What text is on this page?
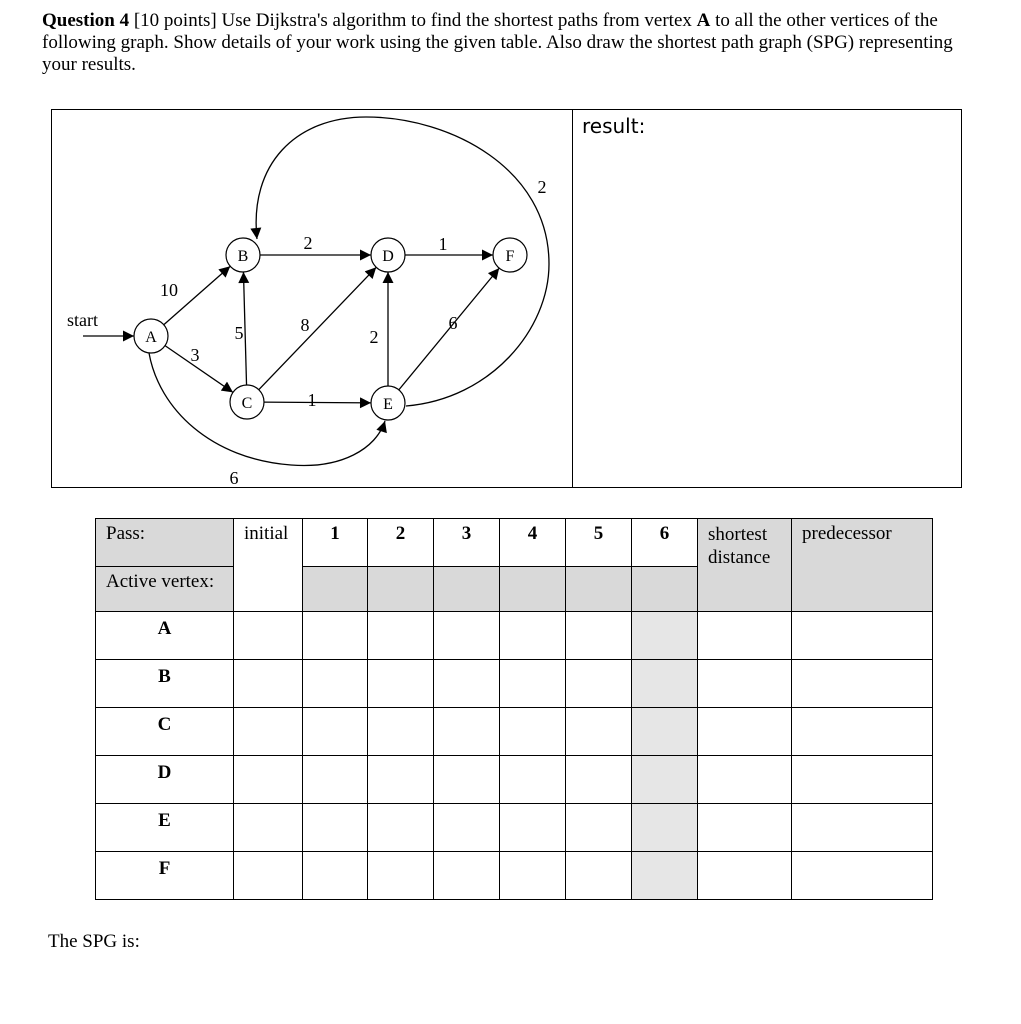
Question 4 [10 points] Use Dijkstra's algorithm to find the shortest paths from vertex A to all the other vertices of the following graph. Show details of your work using the given table. Also draw the shortest path graph (SPG) representing your results.
result:
start
10
3
5	8
1
2
2
1
6
6
2
A
B
C
D
E
F
Pass:	initial	1	2	3	4	5	6	shortest distance	predecessor
Active vertex:									
A									
B									
C									
D									
E									
F									
The SPG is:
